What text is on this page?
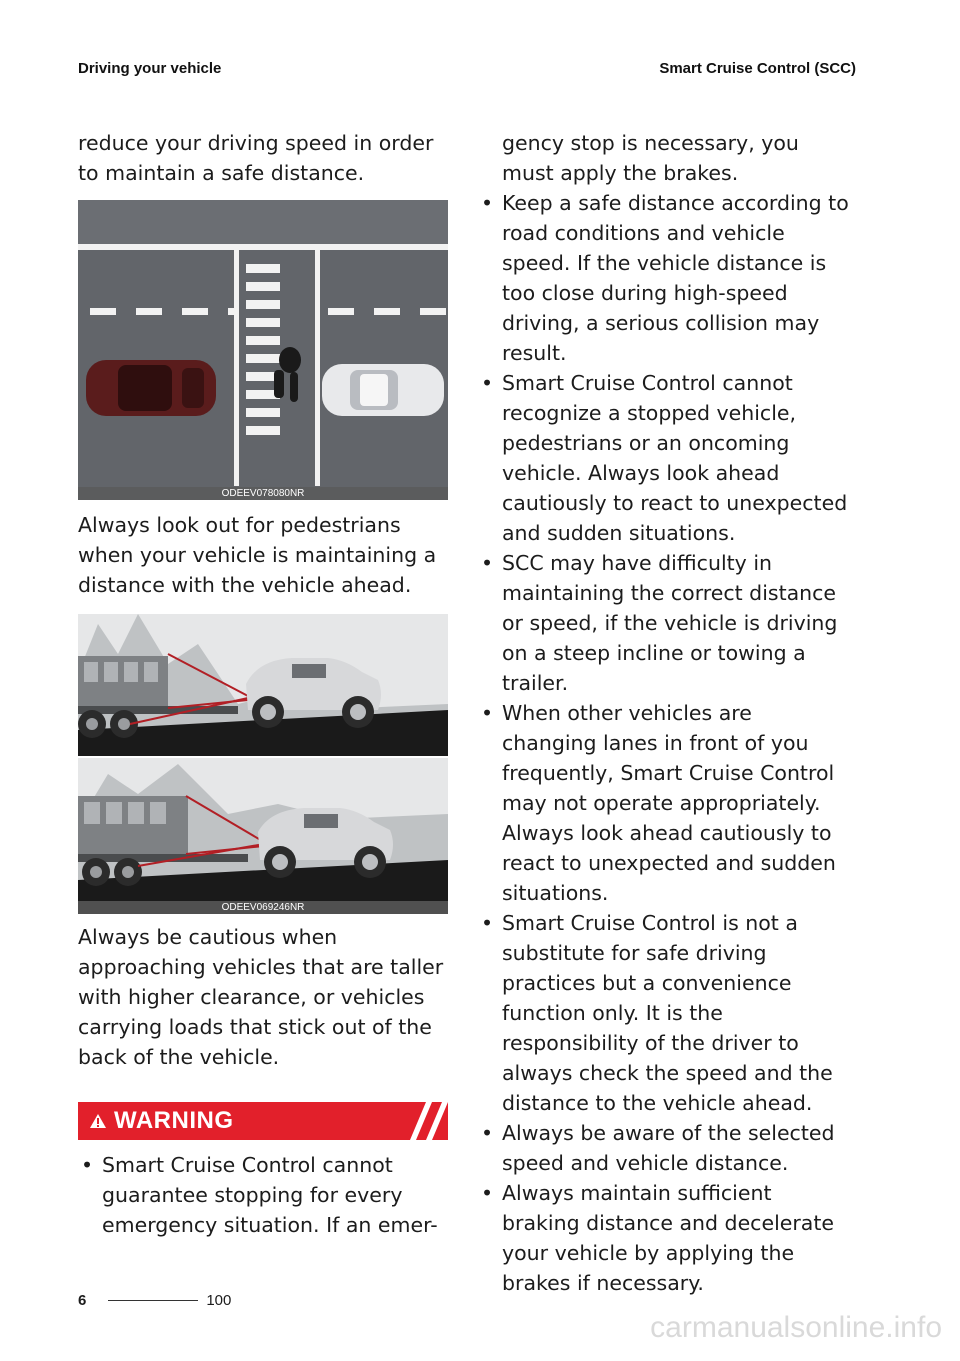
Driving your vehicle	Smart Cruise Control (SCC)

reduce your driving speed in order to maintain a safe distance.

ODEEV078080NR

Always look out for pedestrians when your vehicle is maintaining a distance with the vehicle ahead.

ODEEV069246NR

Always be cautious when approaching vehicles that are taller with higher clearance, or vehicles carrying loads that stick out of the back of the vehicle.

WARNING
• Smart Cruise Control cannot guarantee stopping for every emergency situation. If an emer-

gency stop is necessary, you must apply the brakes.

• Keep a safe distance according to road conditions and vehicle speed. If the vehicle distance is too close during high-speed driving, a serious collision may result.
• Smart Cruise Control cannot recognize a stopped vehicle, pedestrians or an oncoming vehicle. Always look ahead cautiously to react to unexpected and sudden situations.
• SCC may have difficulty in maintaining the correct distance or speed, if the vehicle is driving on a steep incline or towing a trailer.
• When other vehicles are changing lanes in front of you frequently, Smart Cruise Control may not operate appropriately. Always look ahead cautiously to react to unexpected and sudden situations.
• Smart Cruise Control is not a substitute for safe driving practices but a convenience function only. It is the responsibility of the driver to always check the speed and the distance to the vehicle ahead.
• Always be aware of the selected speed and vehicle distance.
• Always maintain sufficient braking distance and decelerate your vehicle by applying the brakes if necessary.
6	100
carmanualsonline.info
